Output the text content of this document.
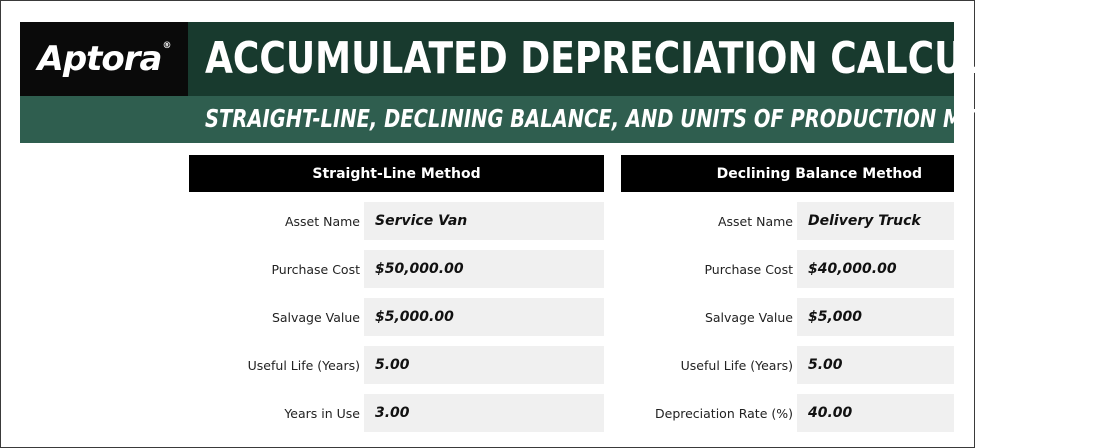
Aptora ® ACCUMULATED DEPRECIATION CALCULATOR
STRAIGHT-LINE, DECLINING BALANCE, AND UNITS OF PRODUCTION METHOD
Straight-Line Method
Asset Name	Service Van
Purchase Cost	$50,000.00
Salvage Value	$5,000.00
Useful Life (Years)	5.00
Years in Use	3.00
Declining Balance Method
Asset Name	Delivery Truck
Purchase Cost	$40,000.00
Salvage Value	$5,000
Useful Life (Years)	5.00
Depreciation Rate (%)	40.00
